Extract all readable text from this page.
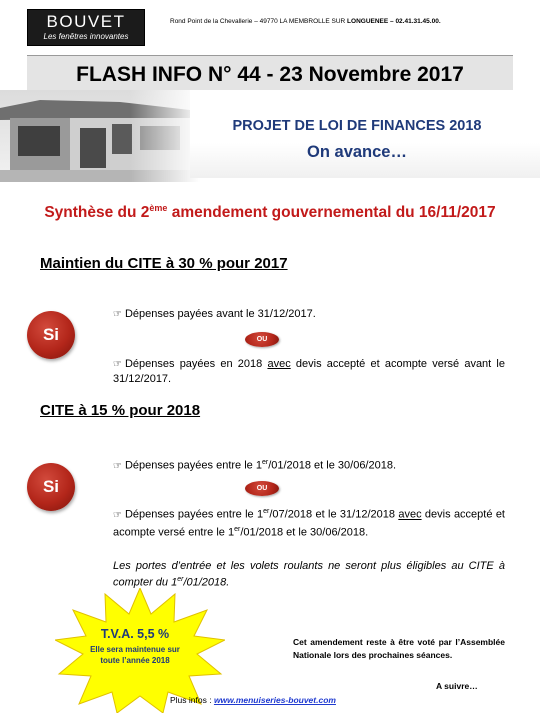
BOUVET
Les fenêtres innovantes
Rond Point de la Chevallerie – 49770 LA MEMBROLLE SUR LONGUENEE – 02.41.31.45.00.
FLASH INFO N° 44 - 23 Novembre 2017
PROJET DE LOI DE FINANCES 2018
On avance…
Synthèse du 2ème amendement gouvernemental du 16/11/2017
Maintien du CITE à 30 % pour 2017
Si
☞ Dépenses payées avant le 31/12/2017.
OU
☞ Dépenses payées en 2018 avec devis accepté et acompte versé avant le 31/12/2017.
CITE à 15 % pour 2018
Si
☞ Dépenses payées entre le 1er/01/2018 et le 30/06/2018.
OU
☞ Dépenses payées entre le 1er/07/2018 et le 31/12/2018 avec devis accepté et acompte versé entre le 1er/01/2018 et le 30/06/2018.
Les portes d’entrée et les volets roulants ne seront plus éligibles au CITE à compter du 1er/01/2018.
T.V.A. 5,5 %
Elle sera maintenue sur toute l’année 2018
Cet amendement reste à être voté par l’Assemblée Nationale lors des prochaines séances.
A suivre…
Plus infos : www.menuiseries-bouvet.com
